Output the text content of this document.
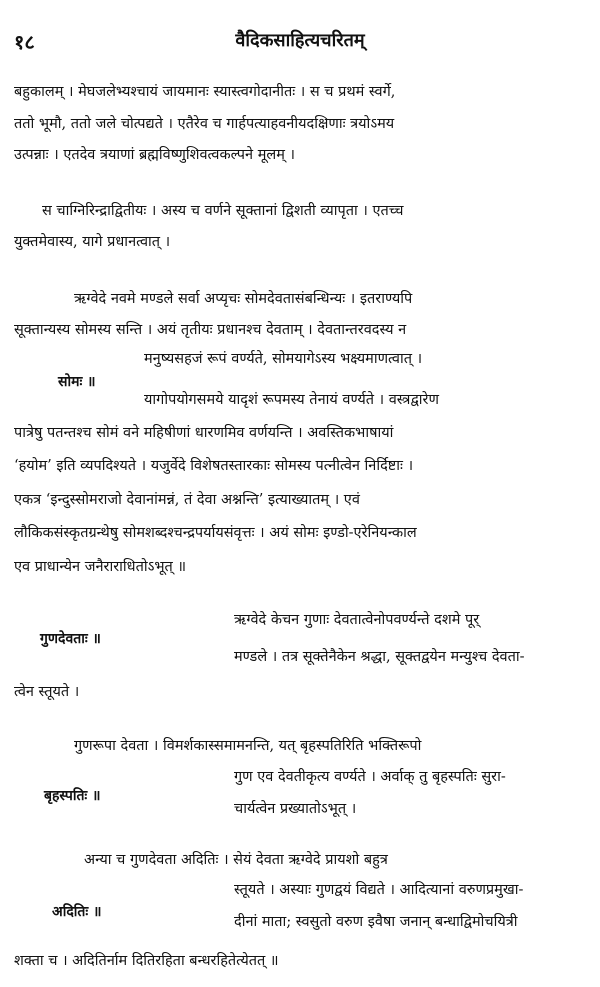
१८	वैदिकसाहित्यचरितम्
बहुकालम् । मेघजलेभ्यश्चायं जायमानः स्यास्त्वगोदानीतः । स च प्रथमं स्वर्गे,
ततो भूमौ, ततो जले चोत्पद्यते । एतैरेव च गार्हपत्याहवनीयदक्षिणाः त्रयोऽमय
उत्पन्नाः । एतदेव त्रयाणां ब्रह्मविष्णुशिवत्वकल्पने मूलम् ।
स चाग्निरिन्द्राद्वितीयः । अस्य च वर्णने सूक्तानां द्विशती व्यापृता । एतच्च
युक्तमेवास्य, यागे प्रधानत्वात् ।
ऋग्वेदे नवमे मण्डले सर्वा अप्यृचः सोमदेवतासंबन्धिन्यः । इतराण्यपि
सूक्तान्यस्य सोमस्य सन्ति । अयं तृतीयः प्रधानश्च देवताम् । देवतान्तरवदस्य न
मनुष्यसहजं रूपं वर्ण्यते, सोमयागेऽस्य भक्ष्यमाणत्वात् ।
सोमः ॥
यागोपयोगसमये यादृशं रूपमस्य तेनायं वर्ण्यते । वस्त्रद्वारेण
पात्रेषु पतन्तश्च सोमं वने महिषीणां धारणमिव वर्णयन्ति । अवस्तिकभाषायां
‘हयोम’ इति व्यपदिश्यते । यजुर्वेदे विशेषतस्तारकाः सोमस्य पत्नीत्वेन निर्दिष्टाः ।
एकत्र ‘इन्दुस्सोमराजो देवानांमन्नं, तं देवा अश्नन्ति’ इत्याख्यातम् । एवं
लौकिकसंस्कृतग्रन्थेषु सोमशब्दश्चन्द्रपर्यायसंवृत्तः । अयं सोमः इण्डो-एरेनियन्काल
एव प्राधान्येन जनैराराधितोऽभूत् ॥
ऋग्वेदे केचन गुणाः देवतात्वेनोपवर्ण्यन्ते दशमे पूर्
गुणदेवताः ॥
मण्डले । तत्र सूक्तेनैकेन श्रद्धा, सूक्तद्वयेन मन्युश्च देवता-
त्वेन स्तूयते ।
गुणरूपा देवता । विमर्शकास्समामनन्ति, यत् बृहस्पतिरिति भक्तिरूपो
गुण एव देवतीकृत्य वर्ण्यते । अर्वाक् तु बृहस्पतिः सुरा-
बृहस्पतिः ॥
चार्यत्वेन प्रख्यातोऽभूत् ।
अन्या च गुणदेवता अदितिः । सेयं देवता ऋग्वेदे प्रायशो बहुत्र
स्तूयते । अस्याः गुणद्वयं विद्यते । आदित्यानां वरुणप्रमुखा-
अदितिः ॥
दीनां माता; स्वसुतो वरुण इवैषा जनान् बन्धाद्विमोचयित्री
शक्ता च । अदितिर्नाम दितिरहिता बन्धरहितेत्येतत् ॥
